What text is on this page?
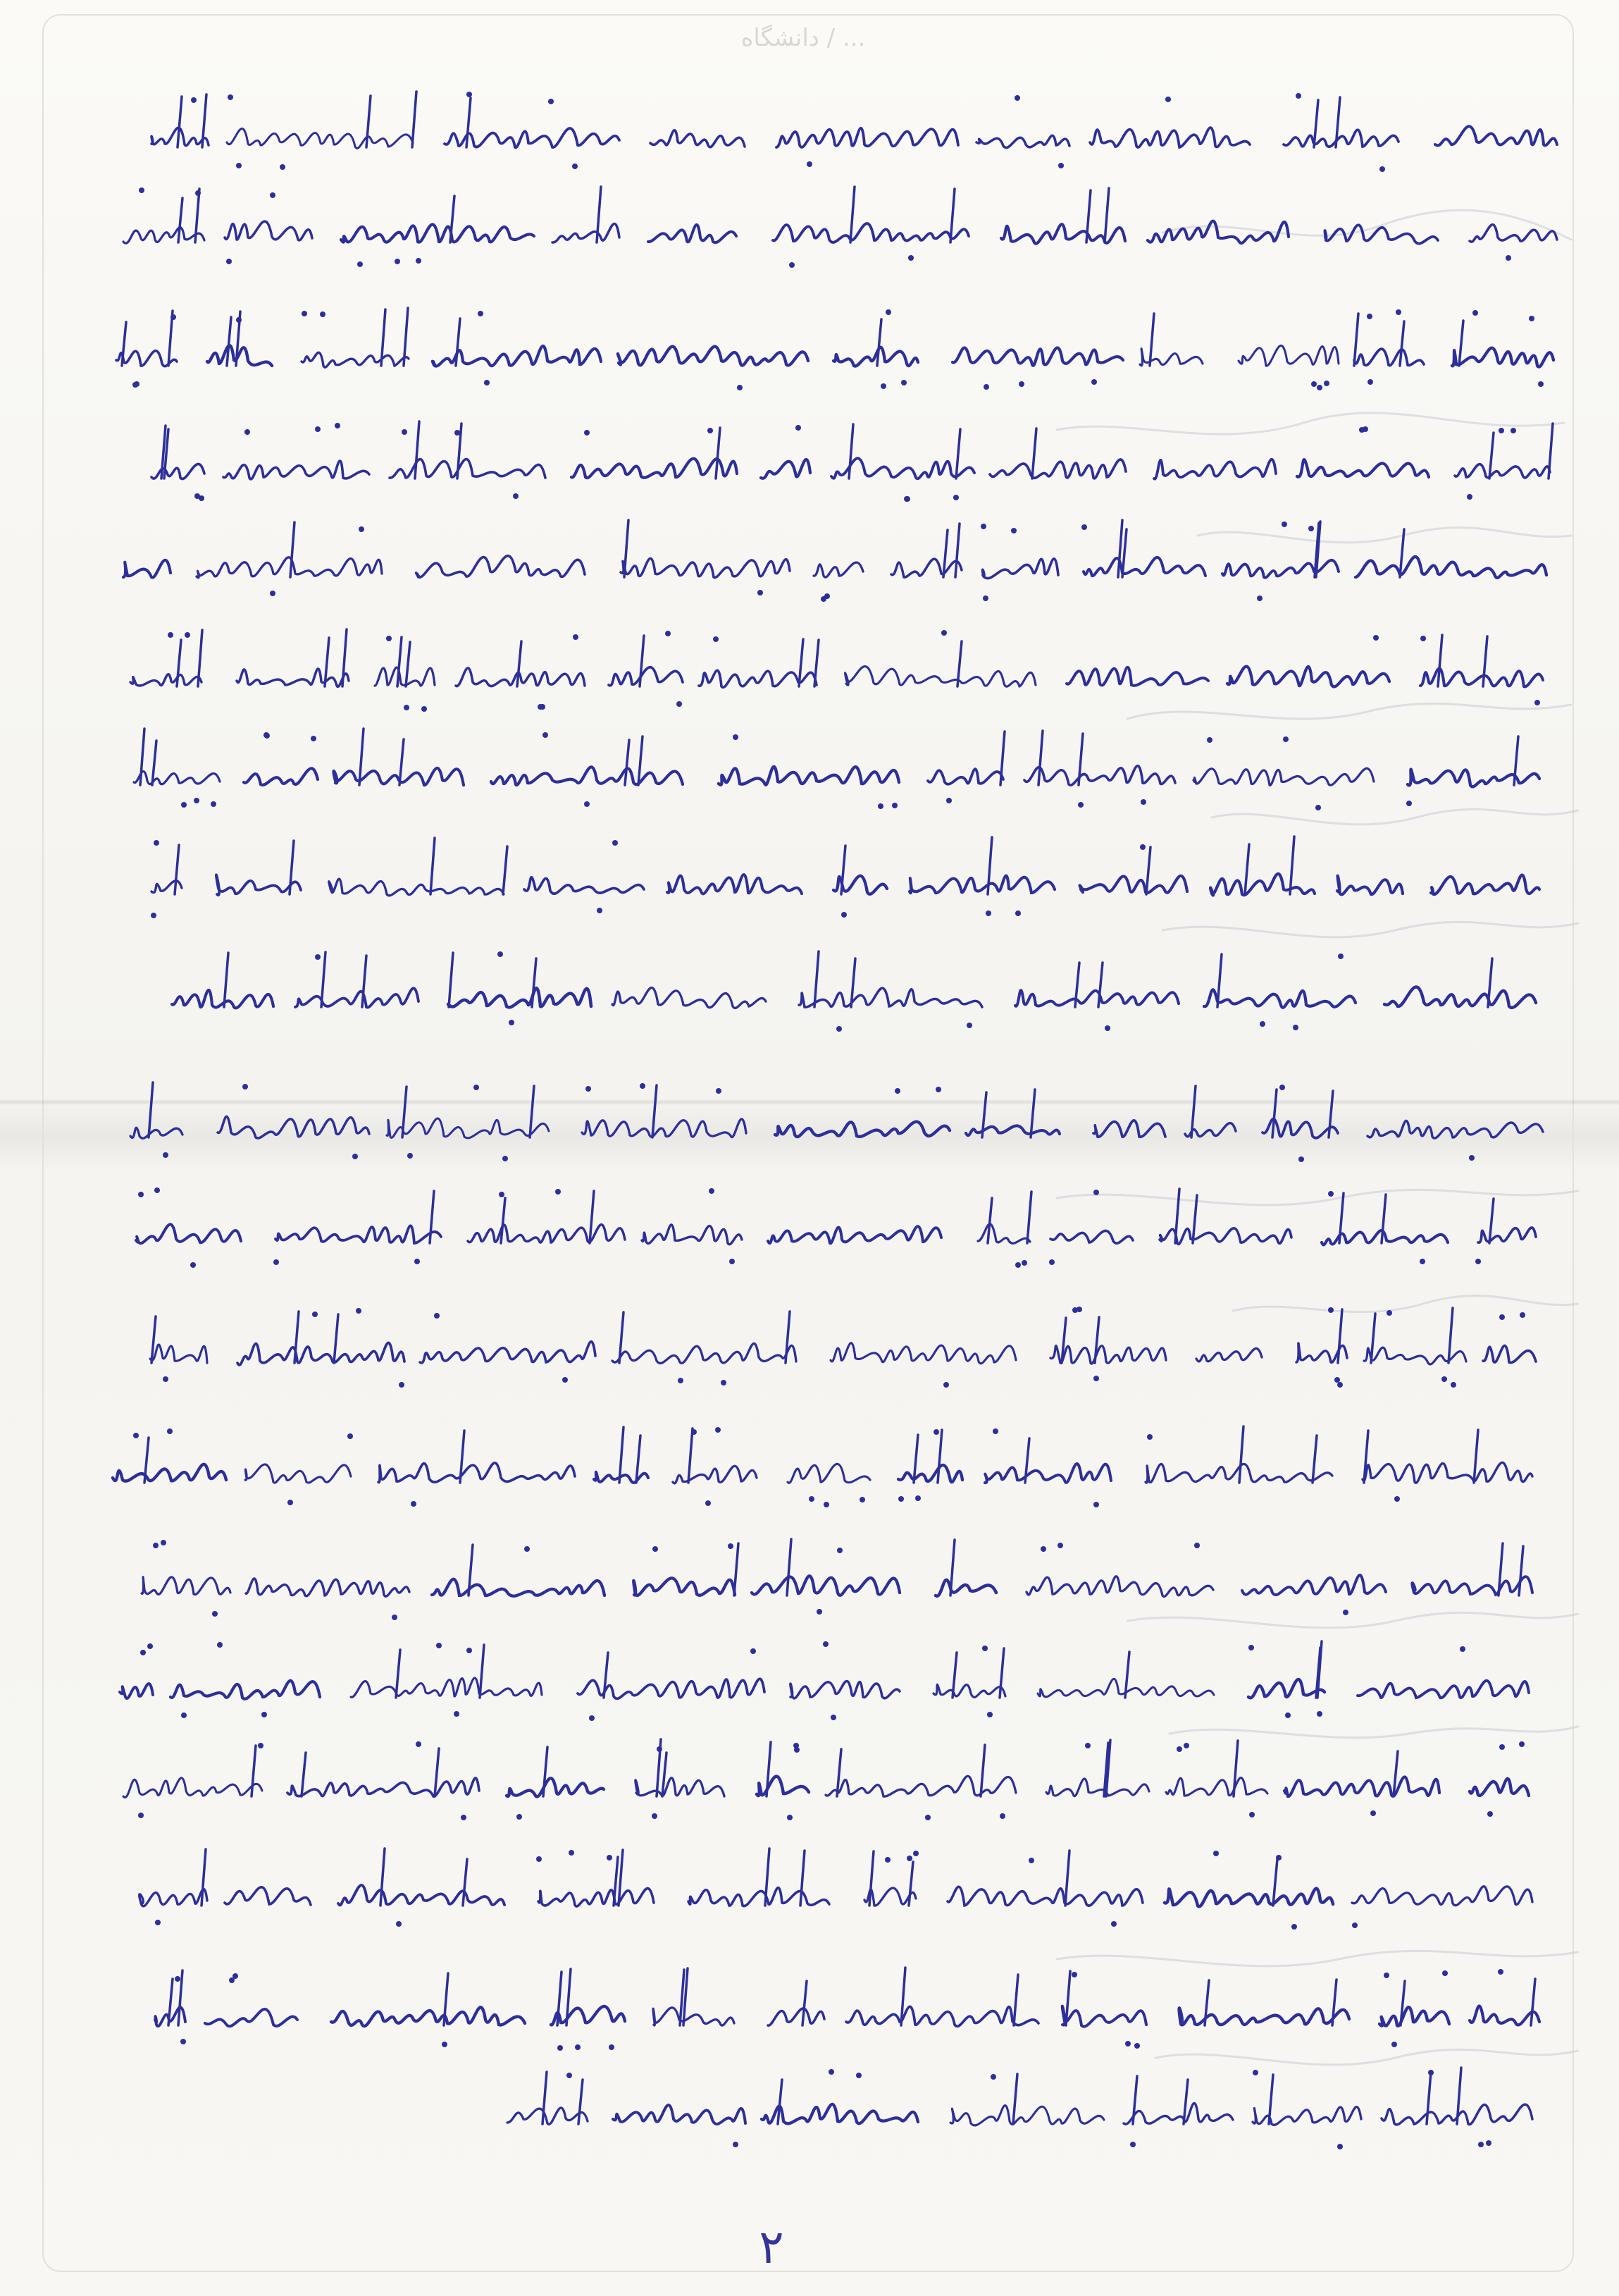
دانشگاه / ...
۲
